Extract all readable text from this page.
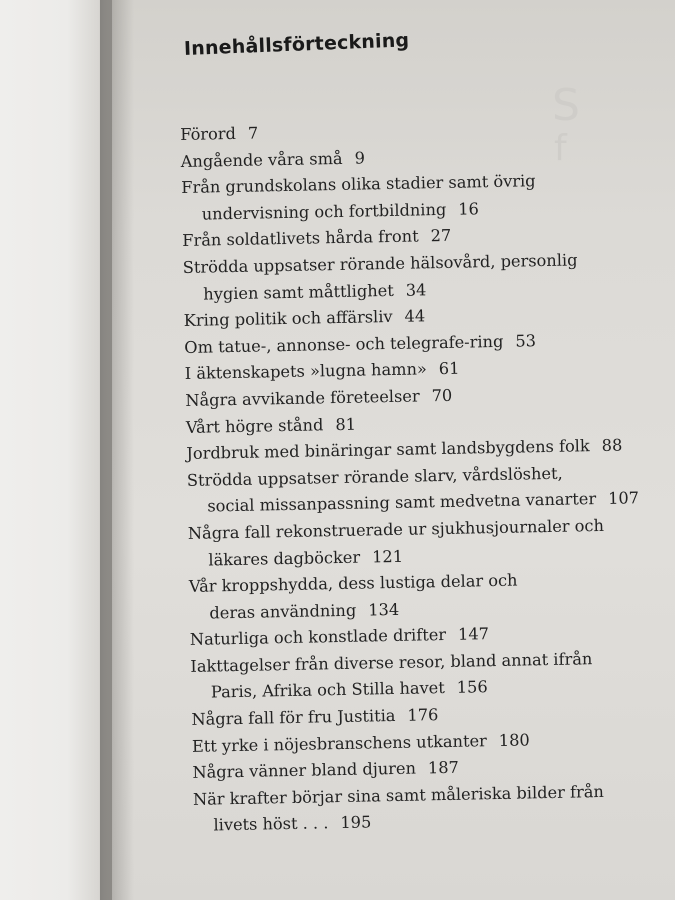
S
f
Innehållsförteckning
Förord 7
Angående våra små 9
Från grundskolans olika stadier samt övrig
undervisning och fortbildning 16
Från soldatlivets hårda front 27
Strödda uppsatser rörande hälsovård, personlig
hygien samt måttlighet 34
Kring politik och affärsliv 44
Om tatue-, annonse- och telegrafe-ring 53
I äktenskapets »lugna hamn» 61
Några avvikande företeelser 70
Vårt högre stånd 81
Jordbruk med binäringar samt landsbygdens folk 88
Strödda uppsatser rörande slarv, vårdslöshet,
social missanpassning samt medvetna vanarter 107
Några fall rekonstruerade ur sjukhusjournaler och
läkares dagböcker 121
Vår kroppshydda, dess lustiga delar och
deras användning 134
Naturliga och konstlade drifter 147
Iakttagelser från diverse resor, bland annat ifrån
Paris, Afrika och Stilla havet 156
Några fall för fru Justitia 176
Ett yrke i nöjesbranschens utkanter 180
Några vänner bland djuren 187
När krafter börjar sina samt måleriska bilder från
livets höst . . . 195
